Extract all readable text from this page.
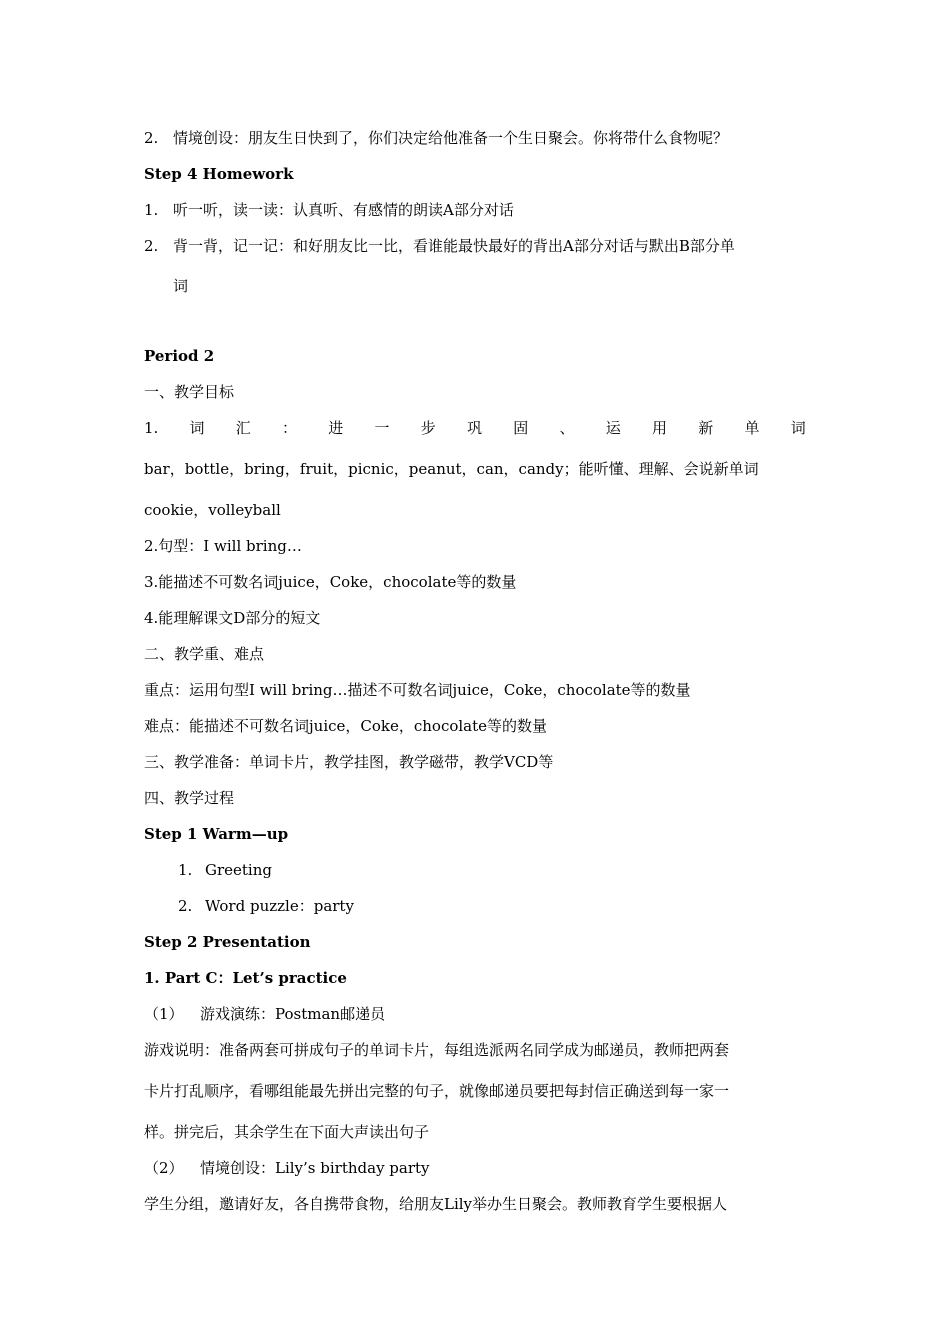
2. 情境创设：朋友生日快到了，你们决定给他准备一个生日聚会。你将带什么食物呢？
Step 4 Homework
1. 听一听，读一读：认真听、有感情的朗读A部分对话
2. 背一背，记一记：和好朋友比一比，看谁能最快最好的背出A部分对话与默出B部分单
词
Period 2
一、教学目标
1. 词 汇 ： 进 一 步 巩 固 、 运 用 新 单 词
bar，bottle，bring，fruit，picnic，peanut，can，candy；能听懂、理解、会说新单词
cookie，volleyball
2.句型：I will bring…
3.能描述不可数名词juice，Coke，chocolate等的数量
4.能理解课文D部分的短文
二、教学重、难点
重点：运用句型I will bring…描述不可数名词juice，Coke，chocolate等的数量
难点：能描述不可数名词juice，Coke，chocolate等的数量
三、教学准备：单词卡片，教学挂图，教学磁带，教学VCD等
四、教学过程
Step 1 Warm—up
1. Greeting
2. Word puzzle：party
Step 2 Presentation
1. Part C：Let’s practice
（1） 游戏演练：Postman邮递员
游戏说明：准备两套可拼成句子的单词卡片，每组选派两名同学成为邮递员，教师把两套
卡片打乱顺序，看哪组能最先拼出完整的句子，就像邮递员要把每封信正确送到每一家一
样。拼完后，其余学生在下面大声读出句子
（2） 情境创设：Lily’s birthday party
学生分组，邀请好友，各自携带食物，给朋友Lily举办生日聚会。教师教育学生要根据人
